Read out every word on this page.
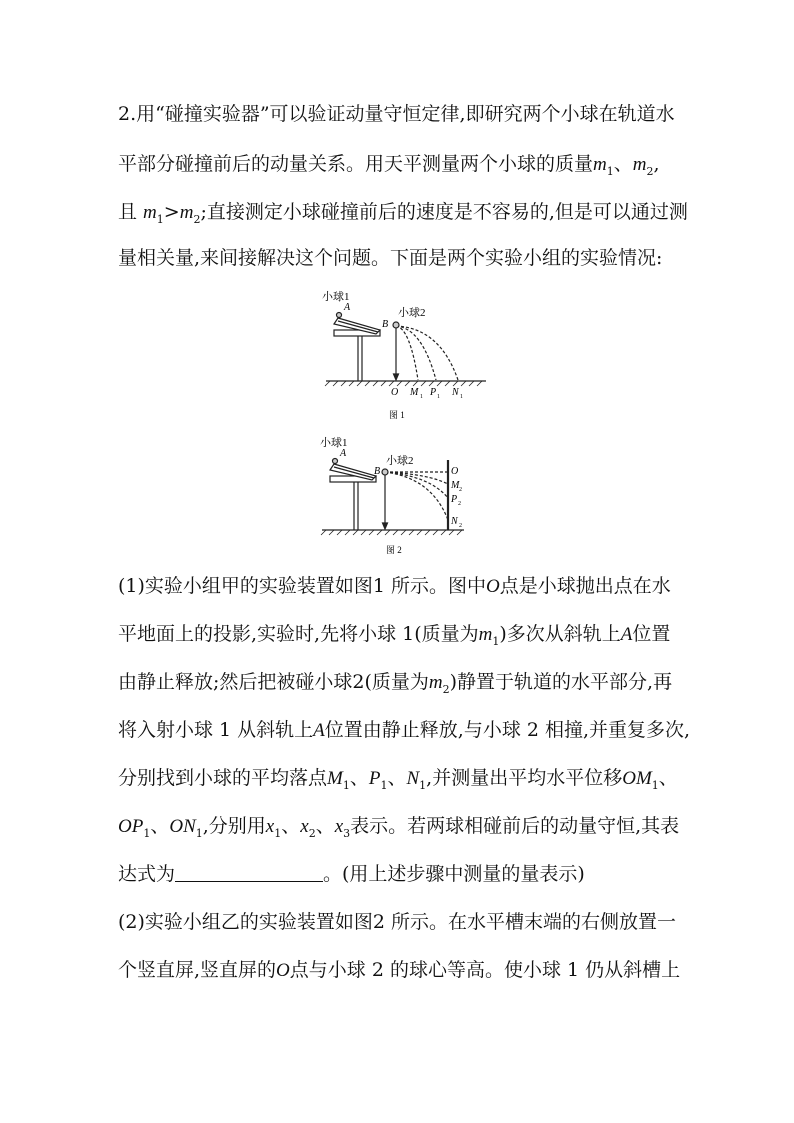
2.用“碰撞实验器”可以验证动量守恒定律,即研究两个小球在轨道水
平部分碰撞前后的动量关系。用天平测量两个小球的质量$m_1$、$m_2$,
且 $m_1>m_2$;直接测定小球碰撞前后的速度是不容易的,但是可以通过测
量相关量,来间接解决这个问题。下面是两个实验小组的实验情况:
小球1
A
B
小球2
O M 1 P 1 N 1
图 1
小球1
A
B
小球2
O
M 2
P 2
N 2
图 2
(1)实验小组甲的实验装置如图1 所示。图中O点是小球抛出点在水
平地面上的投影,实验时,先将小球 1(质量为$m_1$)多次从斜轨上A位置
由静止释放;然后把被碰小球2(质量为$m_2$)静置于轨道的水平部分,再
将入射小球 1 从斜轨上A位置由静止释放,与小球 2 相撞,并重复多次,
分别找到小球的平均落点$M_1$、$P_1$、$N_1$,并测量出平均水平位移$OM_1$、
$OP_1$、$ON_1$,分别用$x_1$、$x_2$、$x_3$表示。若两球相碰前后的动量守恒,其表
达式为	。(用上述步骤中测量的量表示)
(2)实验小组乙的实验装置如图2 所示。在水平槽末端的右侧放置一
个竖直屏,竖直屏的O点与小球 2 的球心等高。使小球 1 仍从斜槽上
